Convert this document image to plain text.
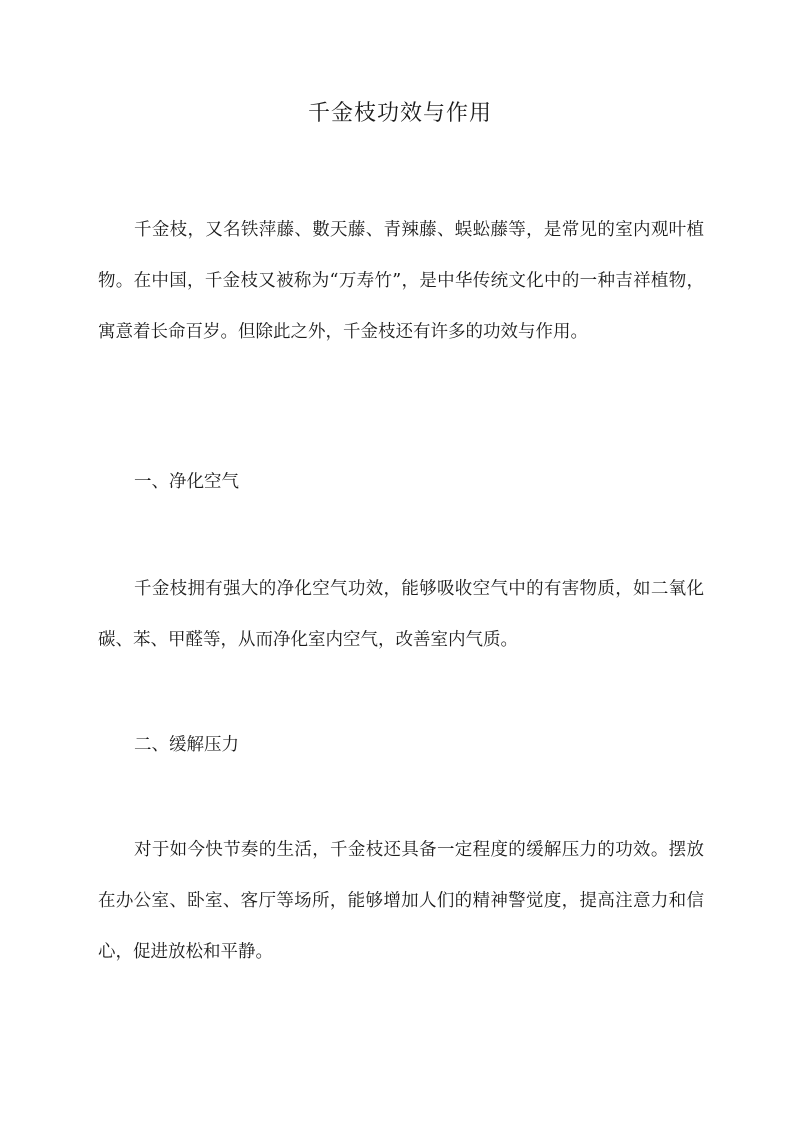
千金枝功效与作用

千金枝，又名铁萍藤、數天藤、青辣藤、蜈蚣藤等，是常见的室内观叶植物。在中国，千金枝又被称为“万寿竹”，是中华传统文化中的一种吉祥植物，寓意着长命百岁。但除此之外，千金枝还有许多的功效与作用。

一、净化空气

千金枝拥有强大的净化空气功效，能够吸收空气中的有害物质，如二氧化碳、苯、甲醛等，从而净化室内空气，改善室内气质。

二、缓解压力

对于如今快节奏的生活，千金枝还具备一定程度的缓解压力的功效。摆放在办公室、卧室、客厅等场所，能够增加人们的精神警觉度，提高注意力和信心，促进放松和平静。
